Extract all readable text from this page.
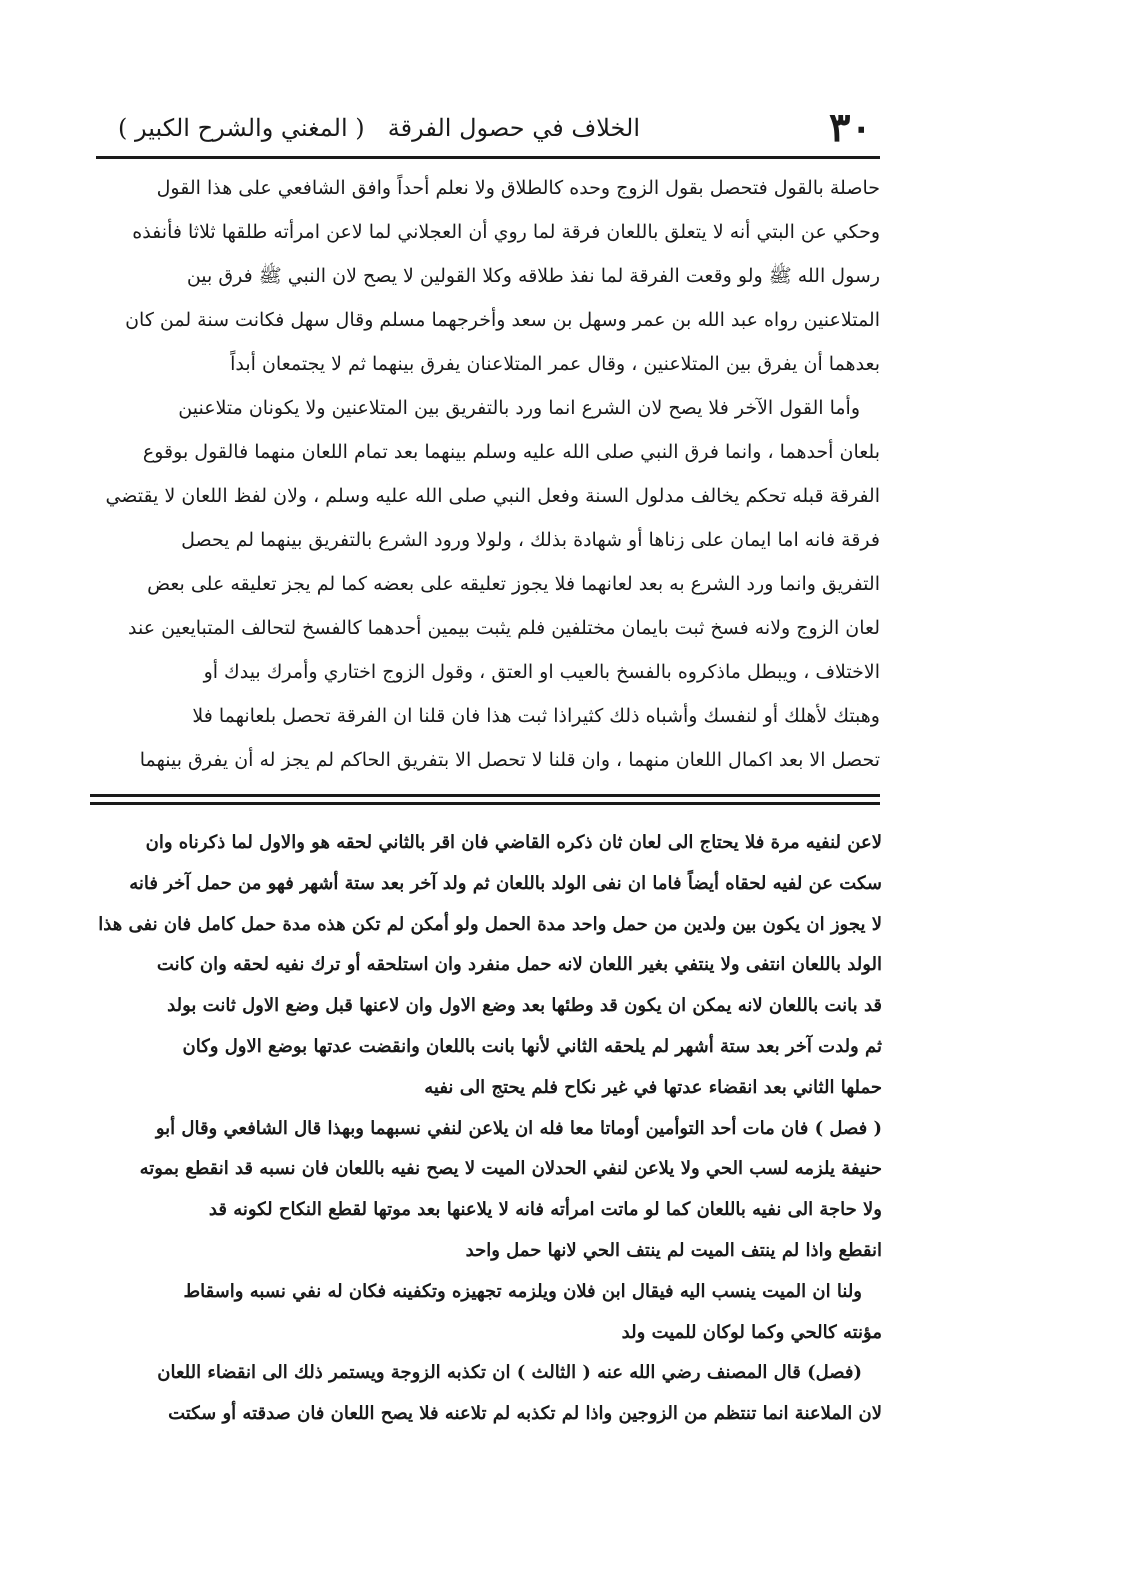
٣٠
الخلاف في حصول الفرقة
( المغني والشرح الكبير )
حاصلة بالقول فتحصل بقول الزوج وحده كالطلاق ولا نعلم أحداً وافق الشافعي على هذا القول
وحكي عن البتي أنه لا يتعلق باللعان فرقة لما روي أن العجلاني لما لاعن امرأته طلقها ثلاثا فأنفذه
رسول الله ﷺ ولو وقعت الفرقة لما نفذ طلاقه وكلا القولين لا يصح لان النبي ﷺ فرق بين
المتلاعنين رواه عبد الله بن عمر وسهل بن سعد وأخرجهما مسلم وقال سهل فكانت سنة لمن كان
بعدهما أن يفرق بين المتلاعنين ، وقال عمر المتلاعنان يفرق بينهما ثم لا يجتمعان أبداً
وأما القول الآخر فلا يصح لان الشرع انما ورد بالتفريق بين المتلاعنين ولا يكونان متلاعنين
بلعان أحدهما ، وانما فرق النبي صلى الله عليه وسلم بينهما بعد تمام اللعان منهما فالقول بوقوع
الفرقة قبله تحكم يخالف مدلول السنة وفعل النبي صلى الله عليه وسلم ، ولان لفظ اللعان لا يقتضي
فرقة فانه اما ايمان على زناها أو شهادة بذلك ، ولولا ورود الشرع بالتفريق بينهما لم يحصل
التفريق وانما ورد الشرع به بعد لعانهما فلا يجوز تعليقه على بعضه كما لم يجز تعليقه على بعض
لعان الزوج ولانه فسخ ثبت بايمان مختلفين فلم يثبت بيمين أحدهما كالفسخ لتحالف المتبايعين عند
الاختلاف ، ويبطل ماذكروه بالفسخ بالعيب او العتق ، وقول الزوج اختاري وأمرك بيدك أو
وهبتك لأهلك أو لنفسك وأشباه ذلك كثيراذا ثبت هذا فان قلنا ان الفرقة تحصل بلعانهما فلا
تحصل الا بعد اكمال اللعان منهما ، وان قلنا لا تحصل الا بتفريق الحاكم لم يجز له أن يفرق بينهما
لاعن لنفيه مرة فلا يحتاج الى لعان ثان ذكره القاضي فان اقر بالثاني لحقه هو والاول لما ذكرناه وان
سكت عن لفيه لحقاه أيضاً فاما ان نفى الولد باللعان ثم ولد آخر بعد ستة أشهر فهو من حمل آخر فانه
لا يجوز ان يكون بين ولدين من حمل واحد مدة الحمل ولو أمكن لم تكن هذه مدة حمل كامل فان نفى هذا
الولد باللعان انتفى ولا ينتفي بغير اللعان لانه حمل منفرد وان استلحقه أو ترك نفيه لحقه وان كانت
قد بانت باللعان لانه يمكن ان يكون قد وطئها بعد وضع الاول وان لاعنها قبل وضع الاول ثانت بولد
ثم ولدت آخر بعد ستة أشهر لم يلحقه الثاني لأنها بانت باللعان وانقضت عدتها بوضع الاول وكان
حملها الثاني بعد انقضاء عدتها في غير نكاح فلم يحتج الى نفيه
( فصل ) فان مات أحد التوأمين أوماتا معا فله ان يلاعن لنفي نسبهما وبهذا قال الشافعي وقال أبو
حنيفة يلزمه لسب الحي ولا يلاعن لنفي الحدلان الميت لا يصح نفيه باللعان فان نسبه قد انقطع بموته
ولا حاجة الى نفيه باللعان كما لو ماتت امرأته فانه لا يلاعنها بعد موتها لقطع النكاح لكونه قد
انقطع واذا لم ينتف الميت لم ينتف الحي لانها حمل واحد
ولنا ان الميت ينسب اليه فيقال ابن فلان ويلزمه تجهيزه وتكفينه فكان له نفي نسبه واسقاط
مؤنته كالحي وكما لوكان للميت ولد
(فصل) قال المصنف رضي الله عنه ( الثالث ) ان تكذبه الزوجة ويستمر ذلك الى انقضاء اللعان
لان الملاعنة انما تنتظم من الزوجين واذا لم تكذبه لم تلاعنه فلا يصح اللعان فان صدقته أو سكتت
